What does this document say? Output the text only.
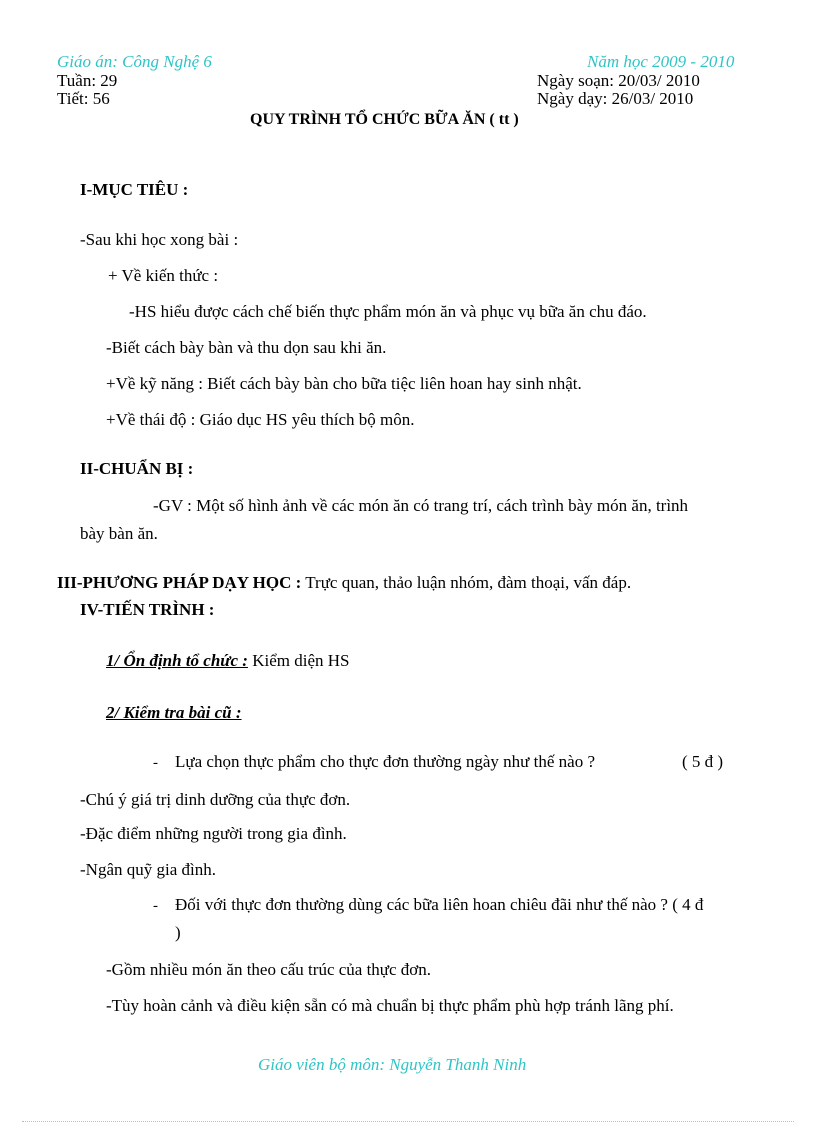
Giáo án: Công Nghệ 6	Năm học 2009 - 2010
Tuần: 29
Tiết: 56
Ngày soạn: 20/03/ 2010
Ngày dạy: 26/03/ 2010
QUY TRÌNH TỔ CHỨC BỮA ĂN ( tt )
I-MỤC TIÊU :
-Sau khi học xong bài :
+ Về kiến thức :
-HS hiểu được cách chế biến thực phẩm món ăn và phục vụ bữa ăn chu đáo.
-Biết cách bày bàn và thu dọn sau khi ăn.
+Về kỹ năng : Biết cách bày bàn cho bữa tiệc liên hoan hay sinh nhật.
+Về thái độ : Giáo dục HS yêu thích bộ môn.
II-CHUẨN BỊ :
-GV : Một số hình ảnh về các món ăn có trang trí, cách trình bày món ăn, trình
bày bàn ăn.
III-PHƯƠNG PHÁP DẠY HỌC : Trực quan, thảo luận nhóm, đàm thoại, vấn đáp.
IV-TIẾN TRÌNH :
1/ Ổn định tổ chức : Kiểm diện HS
2/ Kiểm tra bài cũ :
- Lựa chọn thực phẩm cho thực đơn thường ngày như thế nào ?	( 5 đ )
-Chú ý giá trị dinh dưỡng của thực đơn.
-Đặc điểm những người trong gia đình.
-Ngân quỹ gia đình.
- Đối với thực đơn thường dùng các bữa liên hoan chiêu đãi như thế nào ? ( 4 đ
)
-Gồm nhiều món ăn theo cấu trúc của thực đơn.
-Tùy hoàn cảnh và điều kiện sẵn có mà chuẩn bị thực phẩm phù hợp tránh lãng phí.
Giáo viên bộ môn: Nguyễn Thanh Ninh
